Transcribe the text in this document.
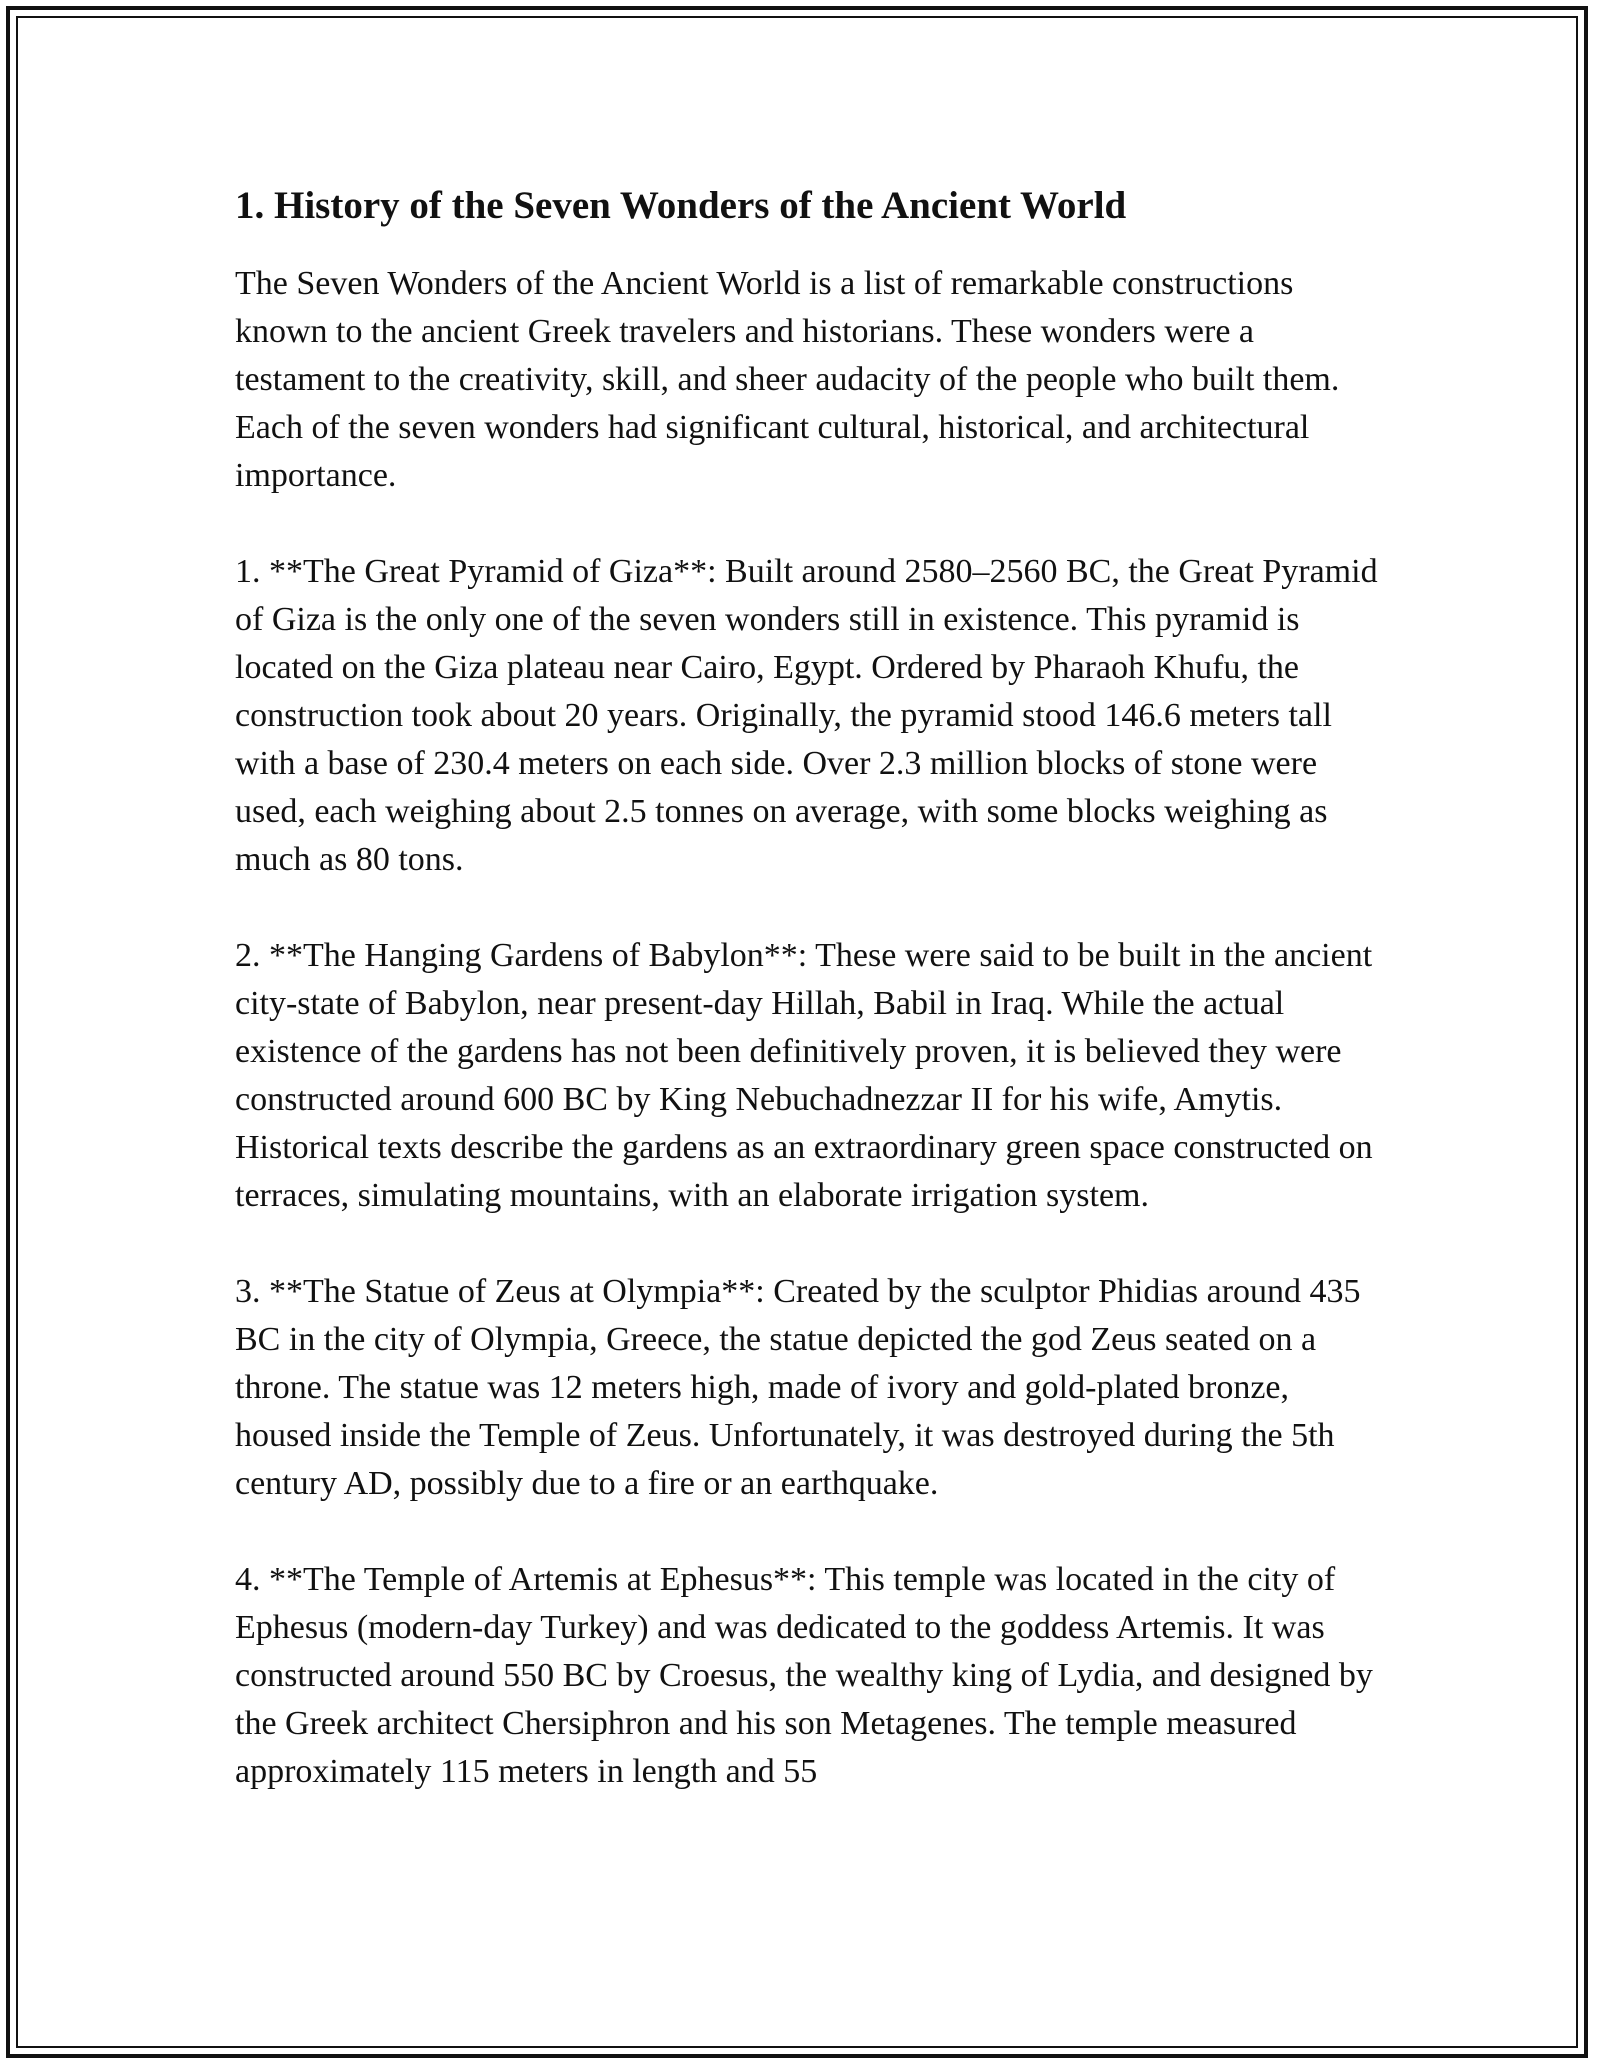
1. History of the Seven Wonders of the Ancient World

The Seven Wonders of the Ancient World is a list of remarkable constructions known to the ancient Greek travelers and historians. These wonders were a testament to the creativity, skill, and sheer audacity of the people who built them. Each of the seven wonders had significant cultural, historical, and architectural importance.

1. **The Great Pyramid of Giza**: Built around 2580–2560 BC, the Great Pyramid of Giza is the only one of the seven wonders still in existence. This pyramid is located on the Giza plateau near Cairo, Egypt. Ordered by Pharaoh Khufu, the construction took about 20 years. Originally, the pyramid stood 146.6 meters tall with a base of 230.4 meters on each side. Over 2.3 million blocks of stone were used, each weighing about 2.5 tonnes on average, with some blocks weighing as much as 80 tons.

2. **The Hanging Gardens of Babylon**: These were said to be built in the ancient city-state of Babylon, near present-day Hillah, Babil in Iraq. While the actual existence of the gardens has not been definitively proven, it is believed they were constructed around 600 BC by King Nebuchadnezzar II for his wife, Amytis. Historical texts describe the gardens as an extraordinary green space constructed on terraces, simulating mountains, with an elaborate irrigation system.

3. **The Statue of Zeus at Olympia**: Created by the sculptor Phidias around 435 BC in the city of Olympia, Greece, the statue depicted the god Zeus seated on a throne. The statue was 12 meters high, made of ivory and gold-plated bronze, housed inside the Temple of Zeus. Unfortunately, it was destroyed during the 5th century AD, possibly due to a fire or an earthquake.

4. **The Temple of Artemis at Ephesus**: This temple was located in the city of Ephesus (modern-day Turkey) and was dedicated to the goddess Artemis. It was constructed around 550 BC by Croesus, the wealthy king of Lydia, and designed by the Greek architect Chersiphron and his son Metagenes. The temple measured approximately 115 meters in length and 55
